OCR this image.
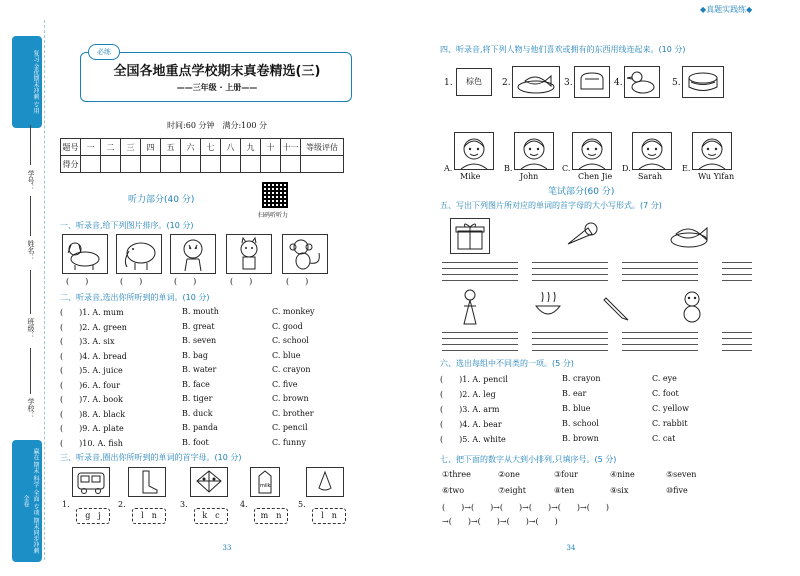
复习 金优期末冲刺 专用
赢在 期末 科学 全面 专项 期末同步冲刺全卷
学号：
姓名：
班级：
学校：
必练
全国各地重点学校期末真卷精选(三)
——三年级 · 上册——
时间:60 分钟　满分:100 分
题号	一	二	三	四	五	六	七	八	九	十	十一	等级评估
得分												
听力部分(40 分)
扫码听听力
一、听录音,给下列图片排序。(10 分)
(　　)	(　　)	(　　)	(　　)	(　　)
二、听录音,选出你所听到的单词。(10 分)
(　　)1. A. mum	B. mouth	C. monkey
(　　)2. A. green	B. great	C. good
(　　)3. A. six	B. seven	C. school
(　　)4. A. bread	B. bag	C. blue
(　　)5. A. juice	B. water	C. crayon
(　　)6. A. four	B. face	C. five
(　　)7. A. book	B. tiger	C. brown
(　　)8. A. black	B. duck	C. brother
(　　)9. A. plate	B. panda	C. pencil
(　　)10. A. fish	B. foot	C. funny
三、听录音,圈出你所听到的单词的首字母。(10 分)
milk
1.
g　j
2.
l　n
3.
k　c
4.
m　n
5.
l　n
33
◆真题实践练◆
四、听录音,将下列人物与他们喜欢或拥有的东西用线连起来。(10 分)
1.	棕色	2.	3.	4.	5.
A.
Mike
B.
John
C.
Chen Jie
D.
Sarah
E.
Wu Yifan
笔试部分(60 分)
五、写出下列图片所对应的单词的首字母的大小写形式。(7 分)
六、选出每组中不同类的一项。(5 分)
(　　)1. A. pencil	B. crayon	C. eye
(　　)2. A. leg	B. ear	C. foot
(　　)3. A. arm	B. blue	C. yellow
(　　)4. A. bear	B. school	C. rabbit
(　　)5. A. white	B. brown	C. cat
七、把下面的数字从大到小排列,只填序号。(5 分)
①three	②one	③four	④nine	⑤seven
⑥two	⑦eight	⑧ten	⑨six	⑩five
(　　)→(　　)→(　　)→(　　)→(　　)→(　　)
→(　　)→(　　)→(　　)→(　　)
34
